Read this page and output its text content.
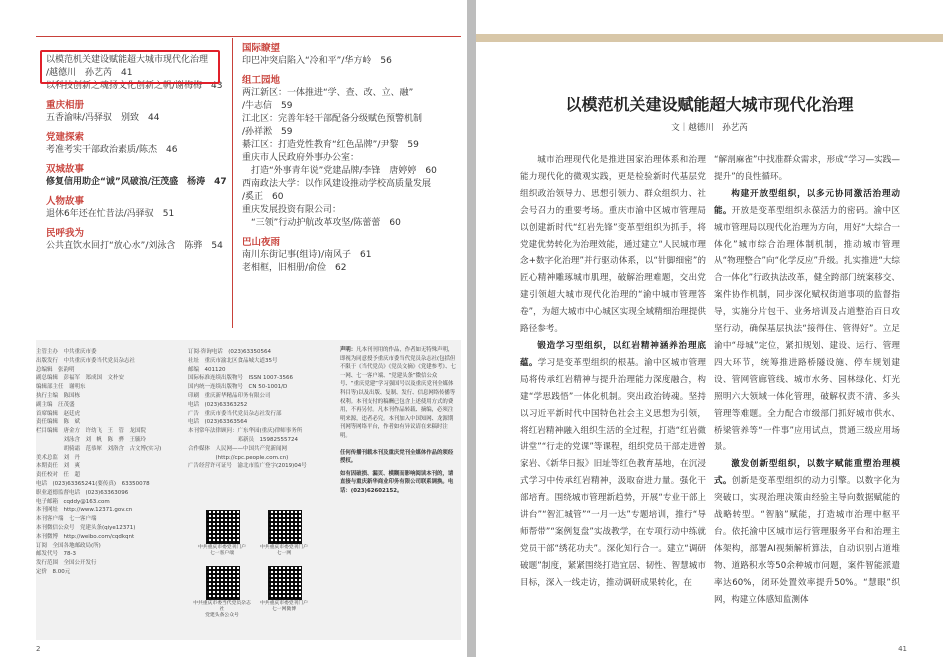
以模范机关建设赋能超大城市现代化治理
/越德川　孙艺芮　41
以科技创新之魂扬文化创新之帆/谢梅梅　43
重庆相册
五香渝味/冯驿驭　别致　44
党建探索
考准考实干部政治素质/陈杰　46
双城故事
修复信用助企“诚”风破浪/汪茂盛　杨涛　47
人物故事
退休6年还在忙昔法/冯驿驭　51
民呼我为
公共直饮水回打“放心水”/刘泳含　陈骅　54
国际瞭望
印巴冲突启陷入“冷和平”/华方岭　56
组工园地
两江新区：一体推进“学、查、改、立、融”
/牛志信　59
江北区：完善年轻干部配备分级赋色预警机制
/孙祥淞　59
綦江区：打造党性教育“红色品牌”/尹黎　59
重庆市人民政府外事办公室：
　打造“外事青年说”党建品牌/李锋　唐婷婷　60
西南政法大学：以作风建设推动学校高质量发展
/奚正　60
重庆发展投资有限公司：
　“三领”行动护航改革攻坚/陈蕾蕾　60
巴山夜雨
南川东街记事(组诗)/南风子　61
老相框，旧相册/俞俭　62
主管主办　中共重庆市委
出版发行　中共重庆市委当代党员杂志社
总编辑　张韵明
副总编辑　彭福军　郑成国　文朴安
编辑部主任　谢明东
执行主编　陈国栋
副主编　汪茂盛
首席编辑　赵廷虎
责任编辑　陈　斌
栏目编辑　唐金方　许幼飞　王　管　龙国院
　　　　　刘泳含　刘　帆　陈　骅　王毓玲
　　　　　胡骑霜　范恭犀　刘洛含　古文博(实习)
美术总监　刘　丹
本期责任　刘　爽
责任校对　任　超
电话　(023)63365241(要传真)　63350078
职业道德监督电话　(023)63363096
电子邮箱　cqddy@163.com
本刊网址　http://www.12371.gov.cn
本刊客户端　七一客户端
本刊微信公众号　党建头条(qiye12371)
本刊微博　http://weibo.com/cqdkqnt
订阅　全国各地邮政局(所)
邮发代号　78-3
发行范围　全国公开发行
定价　8.00元
订阅·咨询电话　(023)63350564
社址　重庆市渝北区食品城大道35号
邮编　401120
国际标准连续出版物号　ISSN 1007-3566
国内统一连续出版物号　CN 50-1001/D
印刷　重庆新华精品印务有限公司
电话　(023)63363252
广告　重庆市委当代党员杂志社发行部
电话　(023)63363564
本刊常年法律顾问：广东华园(重庆)律师事务所
　　　　　　　　　邓新员　15982555724
合作媒体　人民网——中国共产党新闻网
　　　　　(http://cpc.people.com.cn)
广告经营许可证号　渝北市监广登字(2019)04号
声明：凡本刊刊用的作品，作者如无特殊声明，即视为同意授予重庆市委当代党员杂志社(包括但不限于《当代党员》《党员文摘》《党建参考》、七一网、七一客户端、“党建头条”微信公众号、“重庆党建”学习强国号以及重庆党刊全媒体科目等)以及出版、复制、发行、信息网络传播等权利。本刊支付的稿酬已包含上述使用方式的费用，不再另付。凡本刊作品转载、摘编，必须注明来源，违者必究。本刊加入中国知网、龙源期刊网等网络平台，作者如有异议请在来稿时注明。
任何传播刊载本刊及重庆党刊全媒体作品的须经授权。
如有因破损、漏页、模糊而影响阅读本刊的，请直接与重庆新华商业印务有限公司联系调换。电话：(023)62602152。
中共重庆市委党刊门户
七一客户端
中共重庆市委党刊门户
七一网
中共重庆市委当代党员杂志社
党建头条公众号
中共重庆市委党刊门户
七一网微博
2
以模范机关建设赋能超大城市现代化治理
文｜越德川　孙艺芮

城市治理现代化是推进国家治理体系和治理能力现代化的微观实践，更是检验新时代基层党组织政治领导力、思想引领力、群众组织力、社会号召力的重要考场。重庆市渝中区城市管理局以创建新时代“红岩先锋”变革型组织为抓手，将党建优势转化为治理效能，通过建立“人民城市理念+数字化治理”并行驱动体系，以“针脚细密”的匠心精神雕琢城市肌理，破解治理难题，交出党建引领超大城市现代化治理的“渝中城市管理答卷”，为超大城市中心城区实现全域精细治理提供路径参考。

锻造学习型组织，以红岩精神涵养治理底蕴。学习是变革型组织的根基。渝中区城市管理局将传承红岩精神与提升治理能力深度融合，构建“学思践悟”一体化机制。突出政治铸魂。坚持以习近平新时代中国特色社会主义思想为引领，将红岩精神融入组织生活的全过程，打造“红岩微讲堂”“行走的党课”等课程，组织党员干部走进曾家岩、《新华日报》旧址等红色教育基地，在沉浸式学习中传承红岩精神，汲取奋进力量。强化干部培育。围绕城市管理新趋势，开展“专业干部上讲台”“智汇城管”“一月一达”专题培训，推行“导师帮带”“案例复盘”实战教学，在专项行动中练就党员干部“绣花功夫”。深化知行合一。建立“调研破题”制度，紧紧围绕打造宜居、韧性、智慧城市目标，深入一线走访，推动调研成果转化，在

“解剖麻雀”中找准群众需求，形成“学习—实践—提升”的良性循环。

构建开放型组织，以多元协同激活治理动能。开放是变革型组织永葆活力的密码。渝中区城市管理局以现代化治理为方向，用好“大综合一体化”城市综合治理体制机制，推动城市管理从“物理整合”向“化学反应”升级。扎实推进“大综合一体化”行政执法改革，健全跨部门统案移交、案件协作机制，同步深化赋权街道事项的监督指导，实施分片包干、业务培训及占道整治百日攻坚行动，确保基层执法“接得住、管得好”。立足渝中“母城”定位，紧扣规划、建设、运行、管理四大环节，统筹推进路桥隧设施、停车规划建设、管网管廊管线、城市水务、园林绿化、灯光照明六大领域一体化管理，破解权责不清、多头管理等难题。全力配合市级部门抓好城市供水、桥梁管养等“一件事”应用试点，贯通三级应用场景。

激发创新型组织，以数字赋能重塑治理模式。创新是变革型组织的动力引擎。以数字化为突破口，实现治理决策由经验主导向数据赋能的战略转型。“智脑”赋能，打造城市治理中枢平台。依托渝中区城市运行管理服务平台和治理主体架构，部署AI视频解析算法，自动识别占道堆物、道路积水等50余种城市问题，案件智能派遣率达60%，闭环处置效率提升50%。“慧眼”织网，构建立体感知监测体

41
